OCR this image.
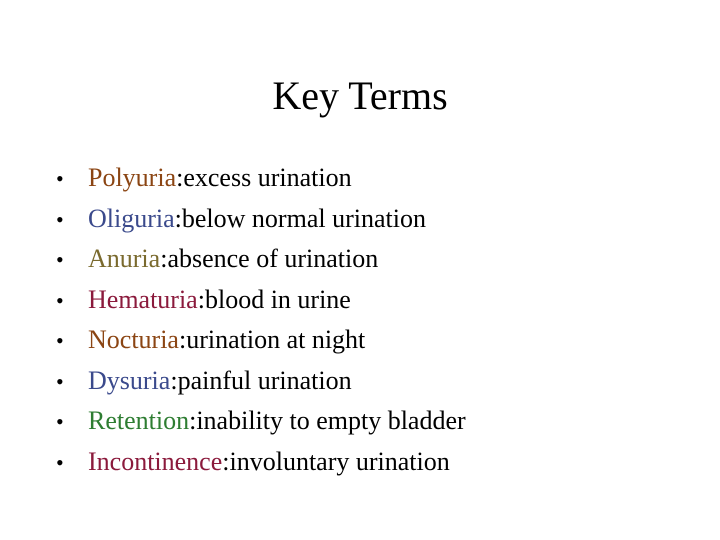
Key Terms
• Polyuria : excess urination
• Oliguria : below normal urination
• Anuria : absence of urination
• Hematuria : blood in urine
• Nocturia : urination at night
• Dysuria : painful urination
• Retention : inability to empty bladder
• Incontinence : involuntary urination
